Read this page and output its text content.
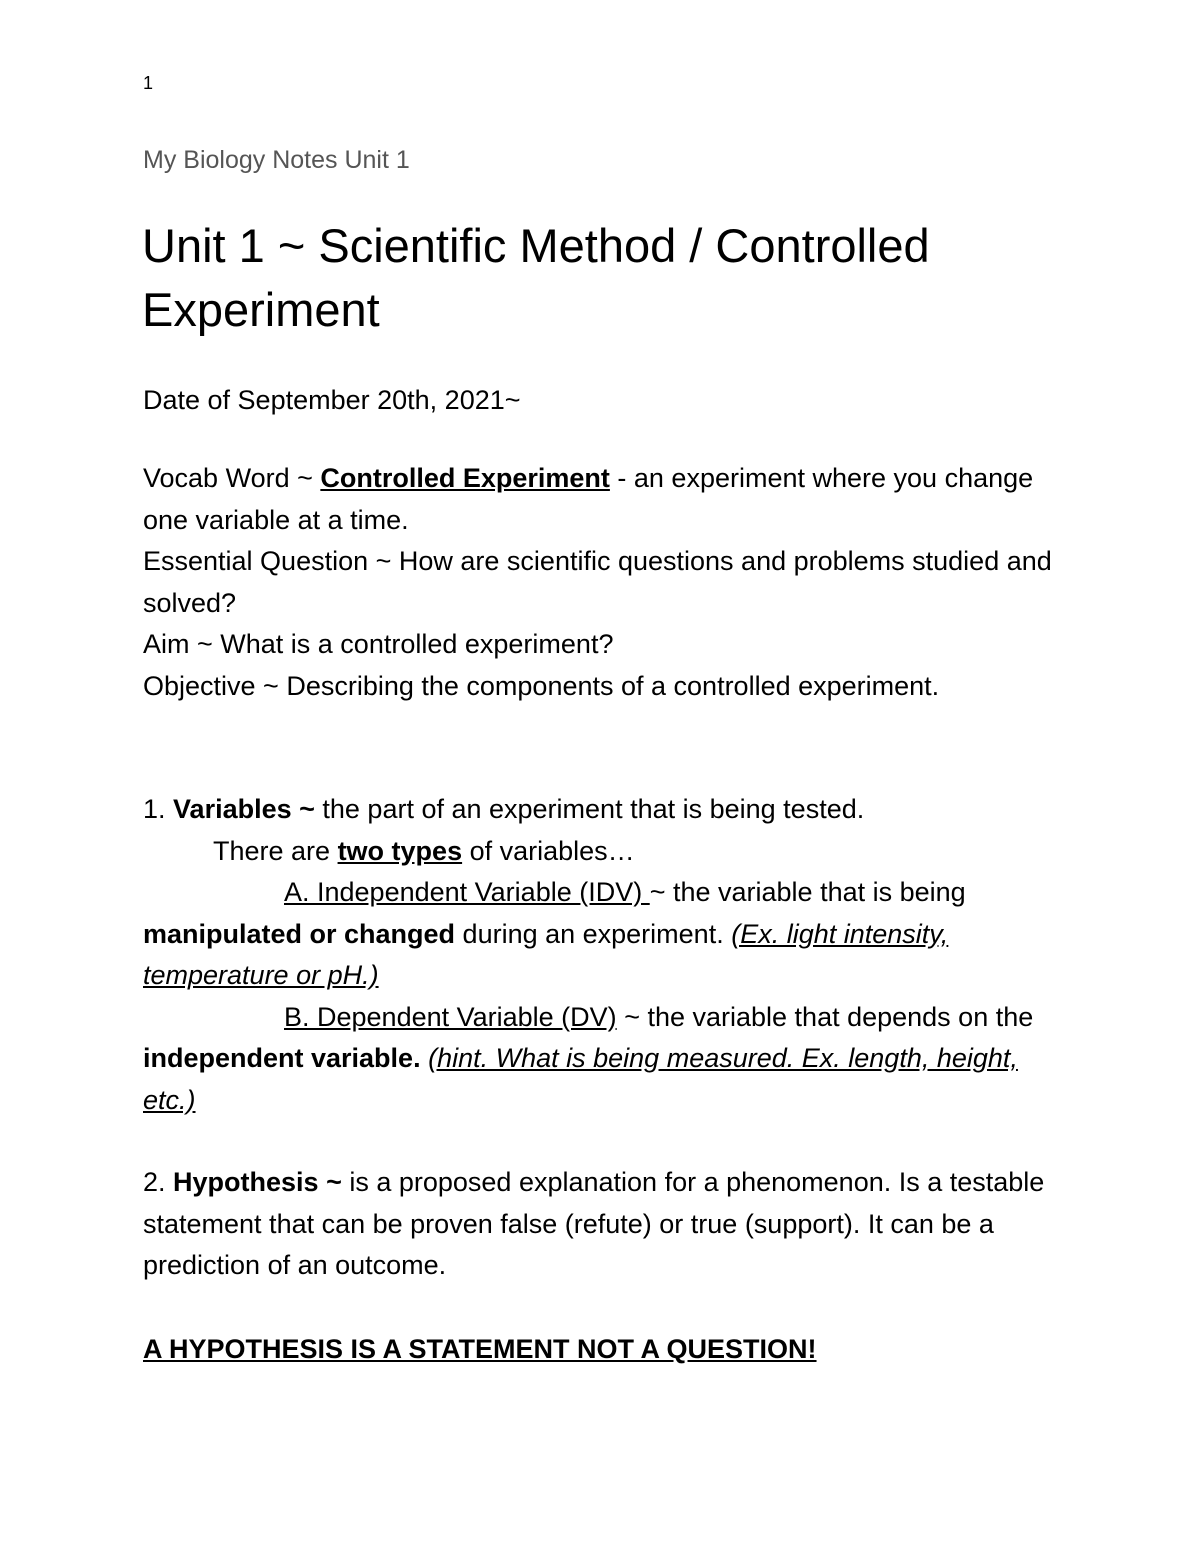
1
My Biology Notes Unit 1
Unit 1 ~ Scientific Method / Controlled Experiment
Date of September 20th, 2021~

Vocab Word ~ Controlled Experiment - an experiment where you change one variable at a time.

Essential Question ~ How are scientific questions and problems studied and solved?

Aim ~ What is a controlled experiment?

Objective ~ Describing the components of a controlled experiment.

1. Variables ~ the part of an experiment that is being tested.

There are two types of variables…

A. Independent Variable (IDV) ~ the variable that is being manipulated or changed during an experiment. (Ex. light intensity, temperature or pH.)

B. Dependent Variable (DV) ~ the variable that depends on the independent variable. (hint. What is being measured. Ex. length, height, etc.)

2. Hypothesis ~ is a proposed explanation for a phenomenon. Is a testable statement that can be proven false (refute) or true (support). It can be a prediction of an outcome.

A HYPOTHESIS IS A STATEMENT NOT A QUESTION!
